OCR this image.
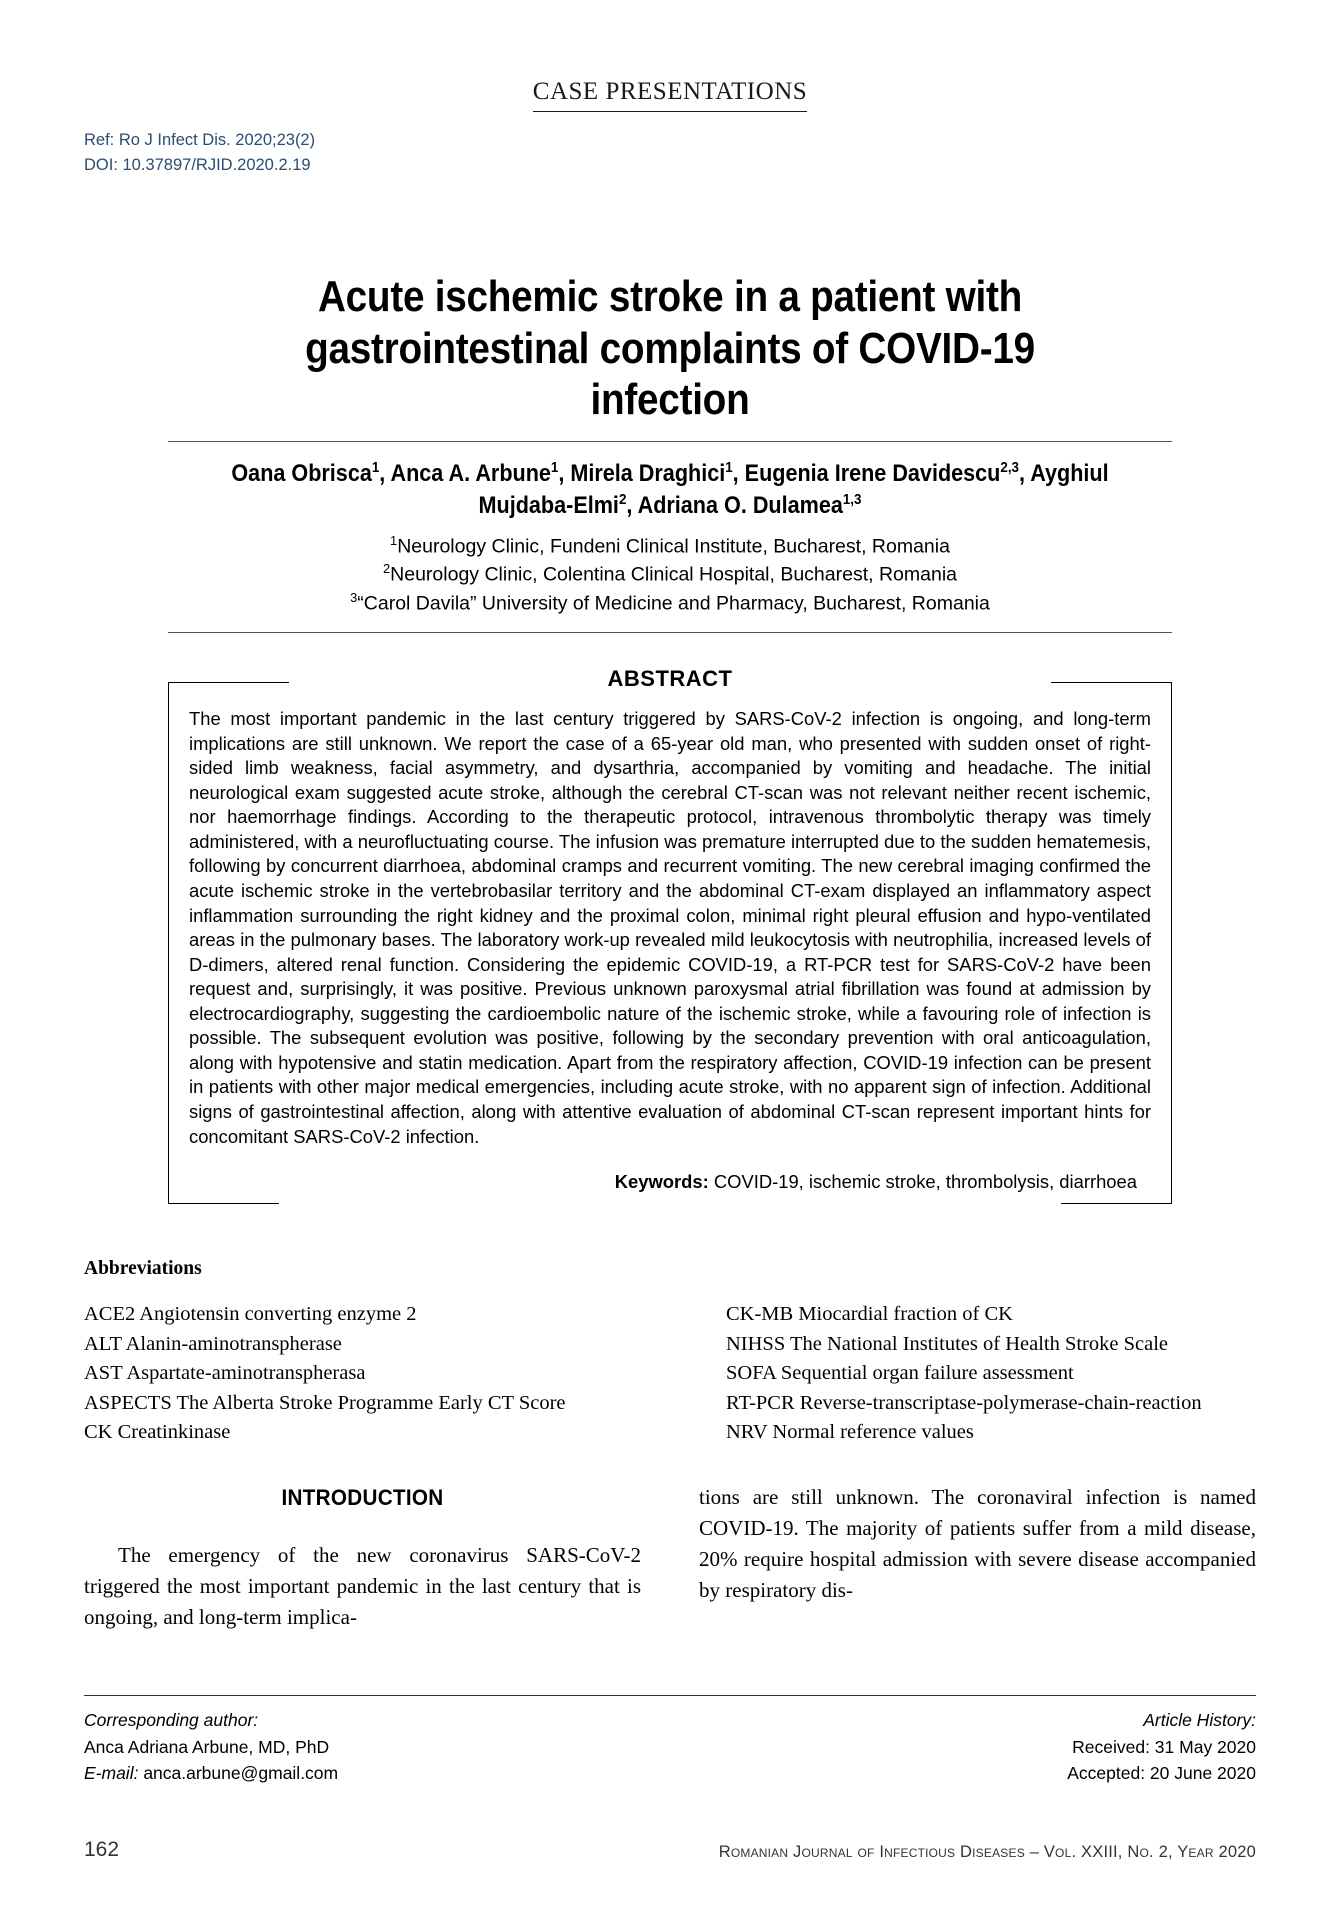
CASE PRESENTATIONS
Ref: Ro J Infect Dis. 2020;23(2)
DOI: 10.37897/RJID.2020.2.19
Acute ischemic stroke in a patient with gastrointestinal complaints of COVID-19 infection
Oana Obrisca$^1$, Anca A. Arbune$^1$, Mirela Draghici$^1$, Eugenia Irene Davidescu$^{2,3}$, Ayghiul Mujdaba-Elmi$^2$, Adriana O. Dulamea$^{1,3}$
$^1$Neurology Clinic, Fundeni Clinical Institute, Bucharest, Romania
$^2$Neurology Clinic, Colentina Clinical Hospital, Bucharest, Romania
$^3$“Carol Davila” University of Medicine and Pharmacy, Bucharest, Romania
ABSTRACT

The most important pandemic in the last century triggered by SARS-CoV-2 infection is ongoing, and long-term implications are still unknown. We report the case of a 65-year old man, who presented with sudden onset of right-sided limb weakness, facial asymmetry, and dysarthria, accompanied by vomiting and headache. The initial neurological exam suggested acute stroke, although the cerebral CT-scan was not relevant neither recent ischemic, nor haemorrhage findings. According to the therapeutic protocol, intravenous thrombolytic therapy was timely administered, with a neurofluctuating course. The infusion was premature interrupted due to the sudden hematemesis, following by concurrent diarrhoea, abdominal cramps and recurrent vomiting. The new cerebral imaging confirmed the acute ischemic stroke in the vertebrobasilar territory and the abdominal CT-exam displayed an inflammatory aspect inflammation surrounding the right kidney and the proximal colon, minimal right pleural effusion and hypo-ventilated areas in the pulmonary bases. The laboratory work-up revealed mild leukocytosis with neutrophilia, increased levels of D-dimers, altered renal function. Considering the epidemic COVID-19, a RT-PCR test for SARS-CoV-2 have been request and, surprisingly, it was positive. Previous unknown paroxysmal atrial fibrillation was found at admission by electrocardiography, suggesting the cardioembolic nature of the ischemic stroke, while a favouring role of infection is possible. The subsequent evolution was positive, following by the secondary prevention with oral anticoagulation, along with hypotensive and statin medication. Apart from the respiratory affection, COVID-19 infection can be present in patients with other major medical emergencies, including acute stroke, with no apparent sign of infection. Additional signs of gastrointestinal affection, along with attentive evaluation of abdominal CT-scan represent important hints for concomitant SARS-CoV-2 infection.

Keywords: COVID-19, ischemic stroke, thrombolysis, diarrhoea
Abbreviations
ACE2 Angiotensin converting enzyme 2
ALT Alanin-aminotranspherase
AST Aspartate-aminotranspherasa
ASPECTS The Alberta Stroke Programme Early CT Score
CK Creatinkinase
CK-MB Miocardial fraction of CK
NIHSS The National Institutes of Health Stroke Scale
SOFA Sequential organ failure assessment
RT-PCR Reverse-transcriptase-polymerase-chain-reaction
NRV Normal reference values
INTRODUCTION

The emergency of the new coronavirus SARS-CoV-2 triggered the most important pandemic in the last century that is ongoing, and long-term implica-

tions are still unknown. The coronaviral infection is named COVID-19. The majority of patients suffer from a mild disease, 20% require hospital admission with severe disease accompanied by respiratory dis-

Corresponding author:
Anca Adriana Arbune, MD, PhD
E-mail: anca.arbune@gmail.com
Article History:
Received: 31 May 2020
Accepted: 20 June 2020
162	Romanian Journal of Infectious Diseases – Vol. XXIII, No. 2, Year 2020
